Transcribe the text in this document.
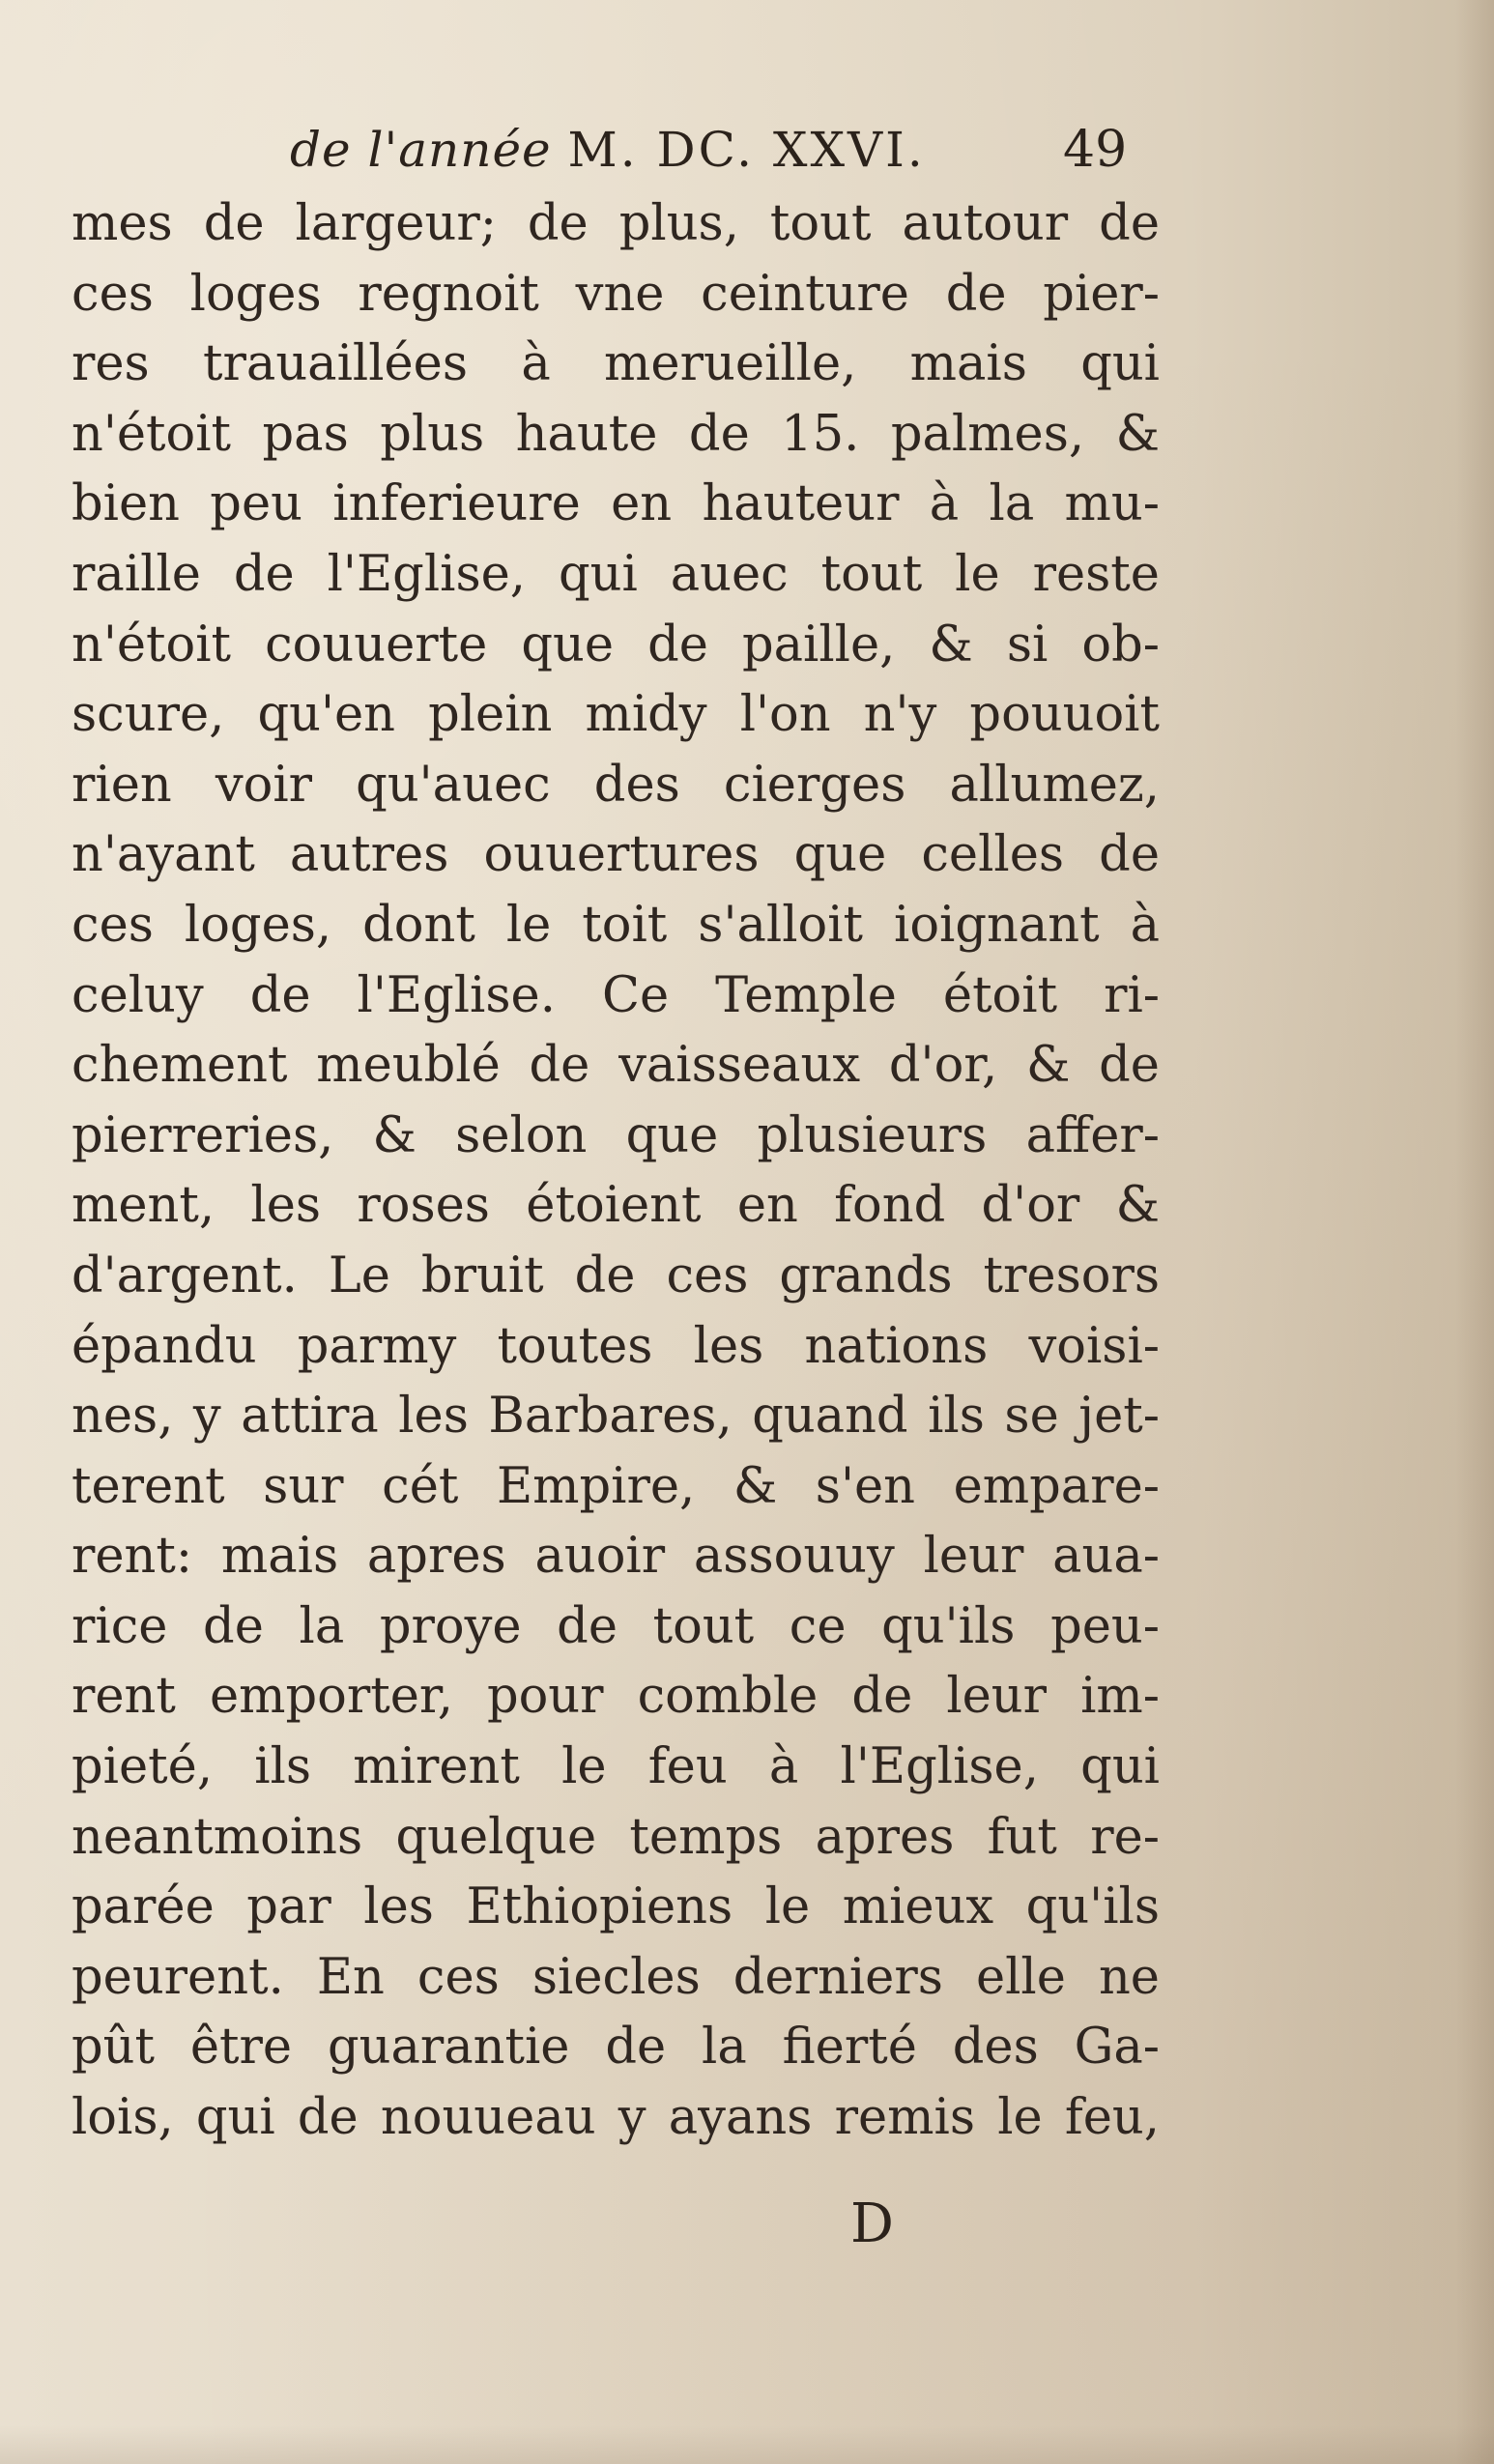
de l'année M. DC. XXVI.	49
mes de largeur; de plus, tout autour de
ces loges regnoit vne ceinture de pier-
res trauaillées à merueille, mais qui
n'étoit pas plus haute de 15. palmes, &
bien peu inferieure en hauteur à la mu-
raille de l'Eglise, qui auec tout le reste
n'étoit couuerte que de paille, & si ob-
scure, qu'en plein midy l'on n'y pouuoit
rien voir qu'auec des cierges allumez,
n'ayant autres ouuertures que celles de
ces loges, dont le toit s'alloit ioignant à
celuy de l'Eglise. Ce Temple étoit ri-
chement meublé de vaisseaux d'or, & de
pierreries, & selon que plusieurs affer-
ment, les roses étoient en fond d'or &
d'argent. Le bruit de ces grands tresors
épandu parmy toutes les nations voisi-
nes, y attira les Barbares, quand ils se jet-
terent sur cét Empire, & s'en empare-
rent: mais apres auoir assouuy leur aua-
rice de la proye de tout ce qu'ils peu-
rent emporter, pour comble de leur im-
pieté, ils mirent le feu à l'Eglise, qui
neantmoins quelque temps apres fut re-
parée par les Ethiopiens le mieux qu'ils
peurent. En ces siecles derniers elle ne
pût être guarantie de la fierté des Ga-
lois, qui de nouueau y ayans remis le feu,
D
